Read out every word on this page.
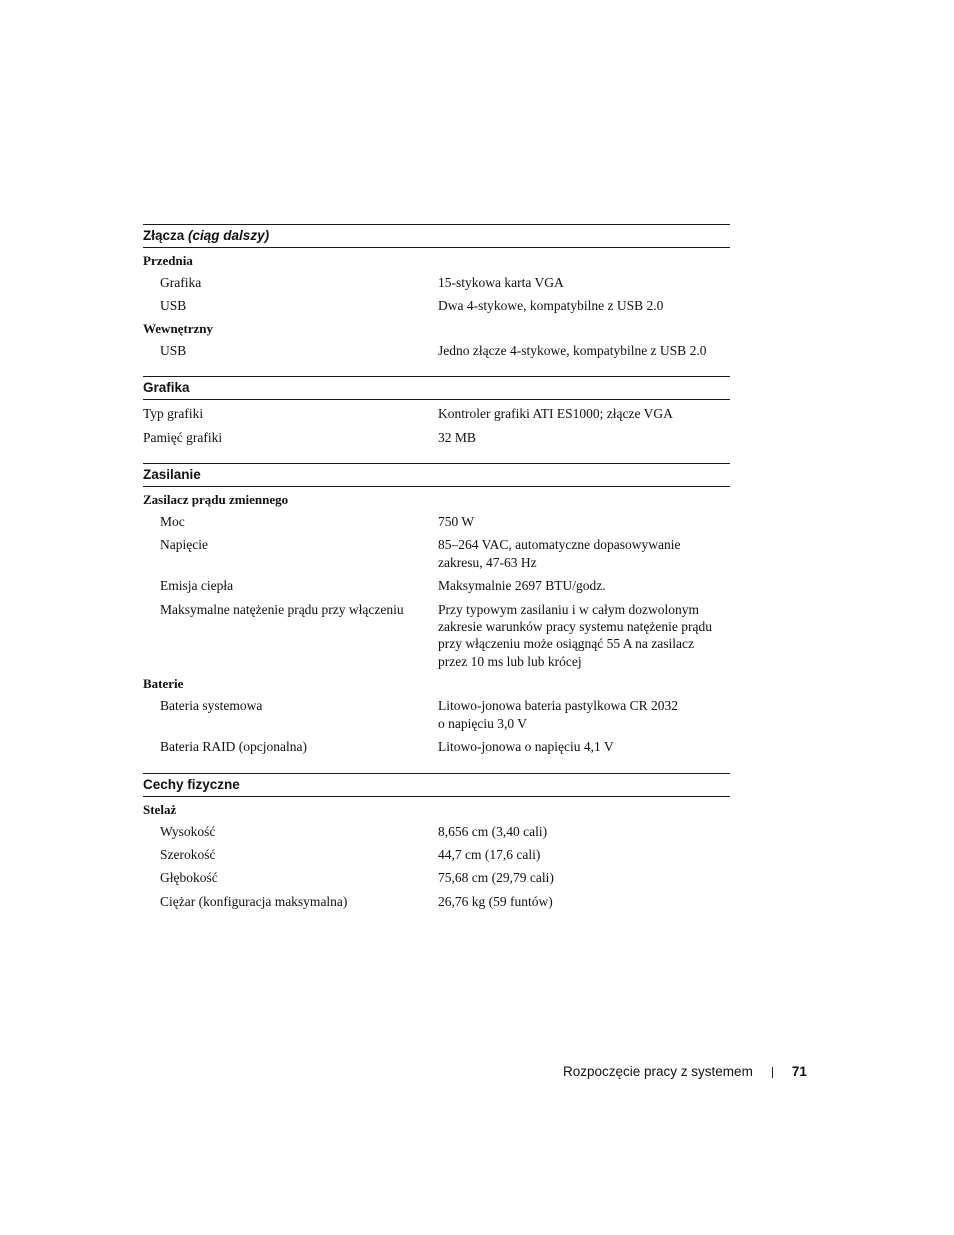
Złącza (ciąg dalszy)
Przednia
Grafika	15-stykowa karta VGA
USB	Dwa 4-stykowe, kompatybilne z USB 2.0
Wewnętrzny
USB	Jedno złącze 4-stykowe, kompatybilne z USB 2.0
Grafika
Typ grafiki	Kontroler grafiki ATI ES1000; złącze VGA
Pamięć grafiki	32 MB
Zasilanie
Zasilacz prądu zmiennego
Moc	750 W
Napięcie	85–264 VAC, automatyczne dopasowywanie
zakresu, 47-63 Hz
Emisja ciepła	Maksymalnie 2697 BTU/godz.
Maksymalne natężenie prądu przy włączeniu	Przy typowym zasilaniu i w całym dozwolonym
zakresie warunków pracy systemu natężenie prądu
przy włączeniu może osiągnąć 55 A na zasilacz
przez 10 ms lub lub krócej
Baterie
Bateria systemowa	Litowo-jonowa bateria pastylkowa CR 2032
o napięciu 3,0 V
Bateria RAID (opcjonalna)	Litowo-jonowa o napięciu 4,1 V
Cechy fizyczne
Stelaż
Wysokość	8,656 cm (3,40 cali)
Szerokość	44,7 cm (17,6 cali)
Głębokość	75,68 cm (29,79 cali)
Ciężar (konfiguracja maksymalna)	26,76 kg (59 funtów)
Rozpoczęcie pracy z systemem	71
